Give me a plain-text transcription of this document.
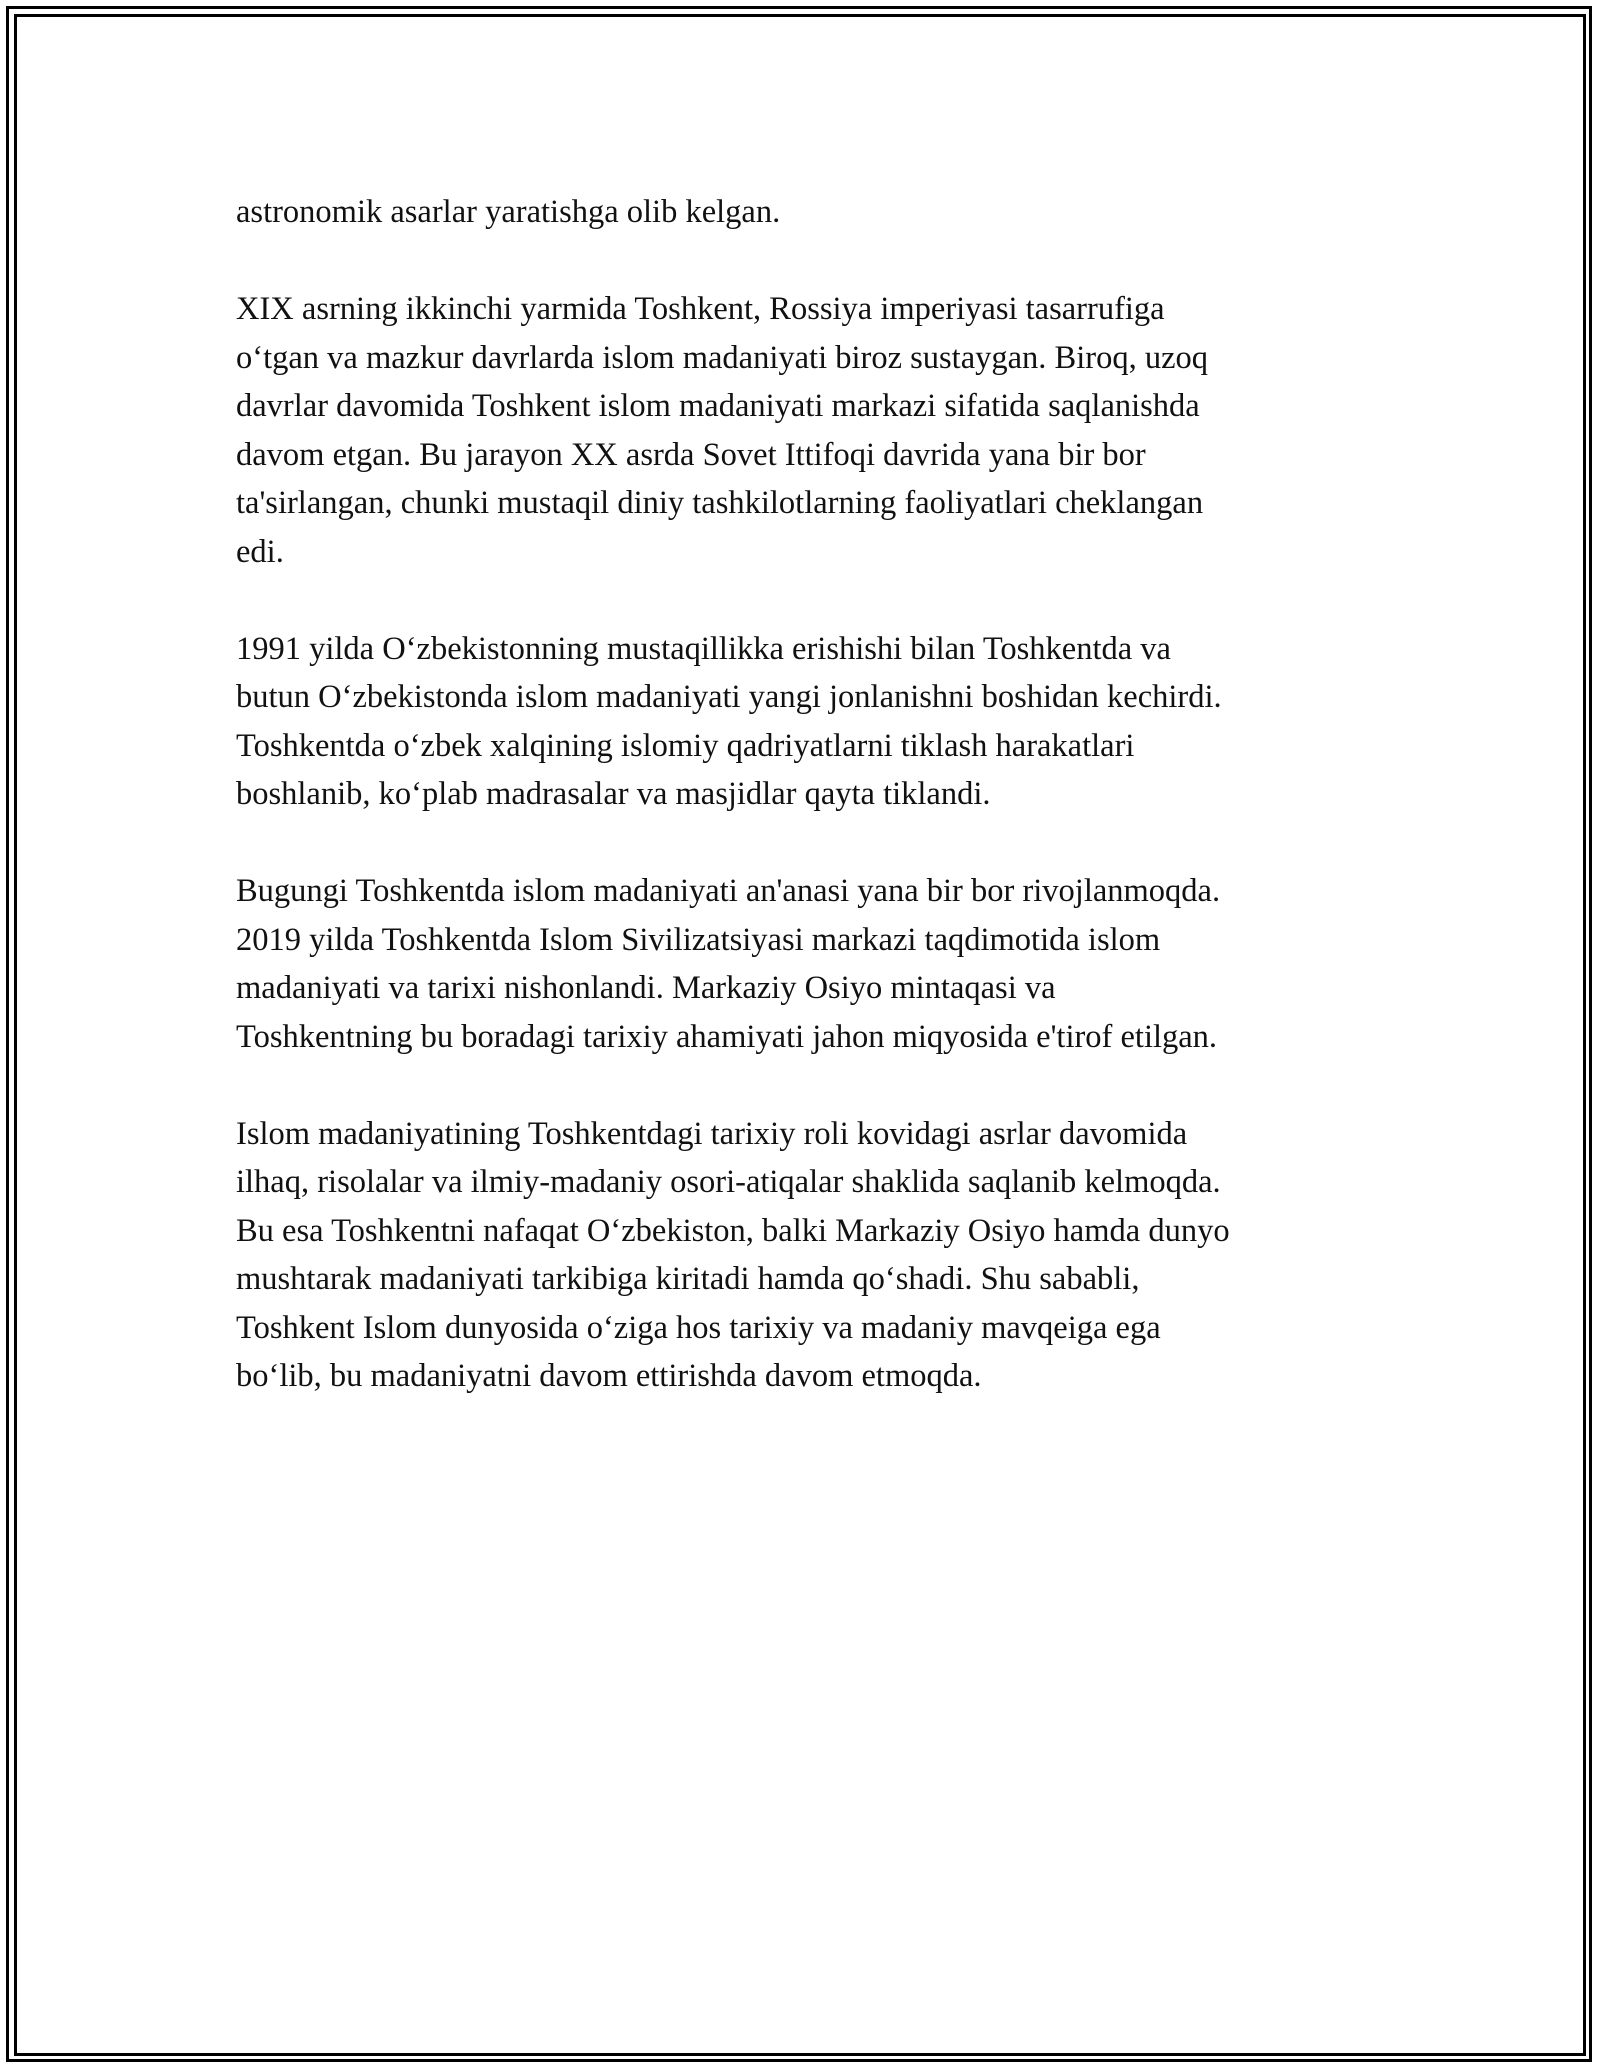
astronomik asarlar yaratishga olib kelgan.

XIX asrning ikkinchi yarmida Toshkent, Rossiya imperiyasi tasarrufiga
o‘tgan va mazkur davrlarda islom madaniyati biroz sustaygan. Biroq, uzoq
davrlar davomida Toshkent islom madaniyati markazi sifatida saqlanishda
davom etgan. Bu jarayon XX asrda Sovet Ittifoqi davrida yana bir bor
ta'sirlangan, chunki mustaqil diniy tashkilotlarning faoliyatlari cheklangan
edi.

1991 yilda O‘zbekistonning mustaqillikka erishishi bilan Toshkentda va
butun O‘zbekistonda islom madaniyati yangi jonlanishni boshidan kechirdi.
Toshkentda o‘zbek xalqining islomiy qadriyatlarni tiklash harakatlari
boshlanib, ko‘plab madrasalar va masjidlar qayta tiklandi.

Bugungi Toshkentda islom madaniyati an'anasi yana bir bor rivojlanmoqda.
2019 yilda Toshkentda Islom Sivilizatsiyasi markazi taqdimotida islom
madaniyati va tarixi nishonlandi. Markaziy Osiyo mintaqasi va
Toshkentning bu boradagi tarixiy ahamiyati jahon miqyosida e'tirof etilgan.

Islom madaniyatining Toshkentdagi tarixiy roli kovidagi asrlar davomida
ilhaq, risolalar va ilmiy-madaniy osori-atiqalar shaklida saqlanib kelmoqda.
Bu esa Toshkentni nafaqat O‘zbekiston, balki Markaziy Osiyo hamda dunyo
mushtarak madaniyati tarkibiga kiritadi hamda qo‘shadi. Shu sababli,
Toshkent Islom dunyosida o‘ziga hos tarixiy va madaniy mavqeiga ega
bo‘lib, bu madaniyatni davom ettirishda davom etmoqda.
